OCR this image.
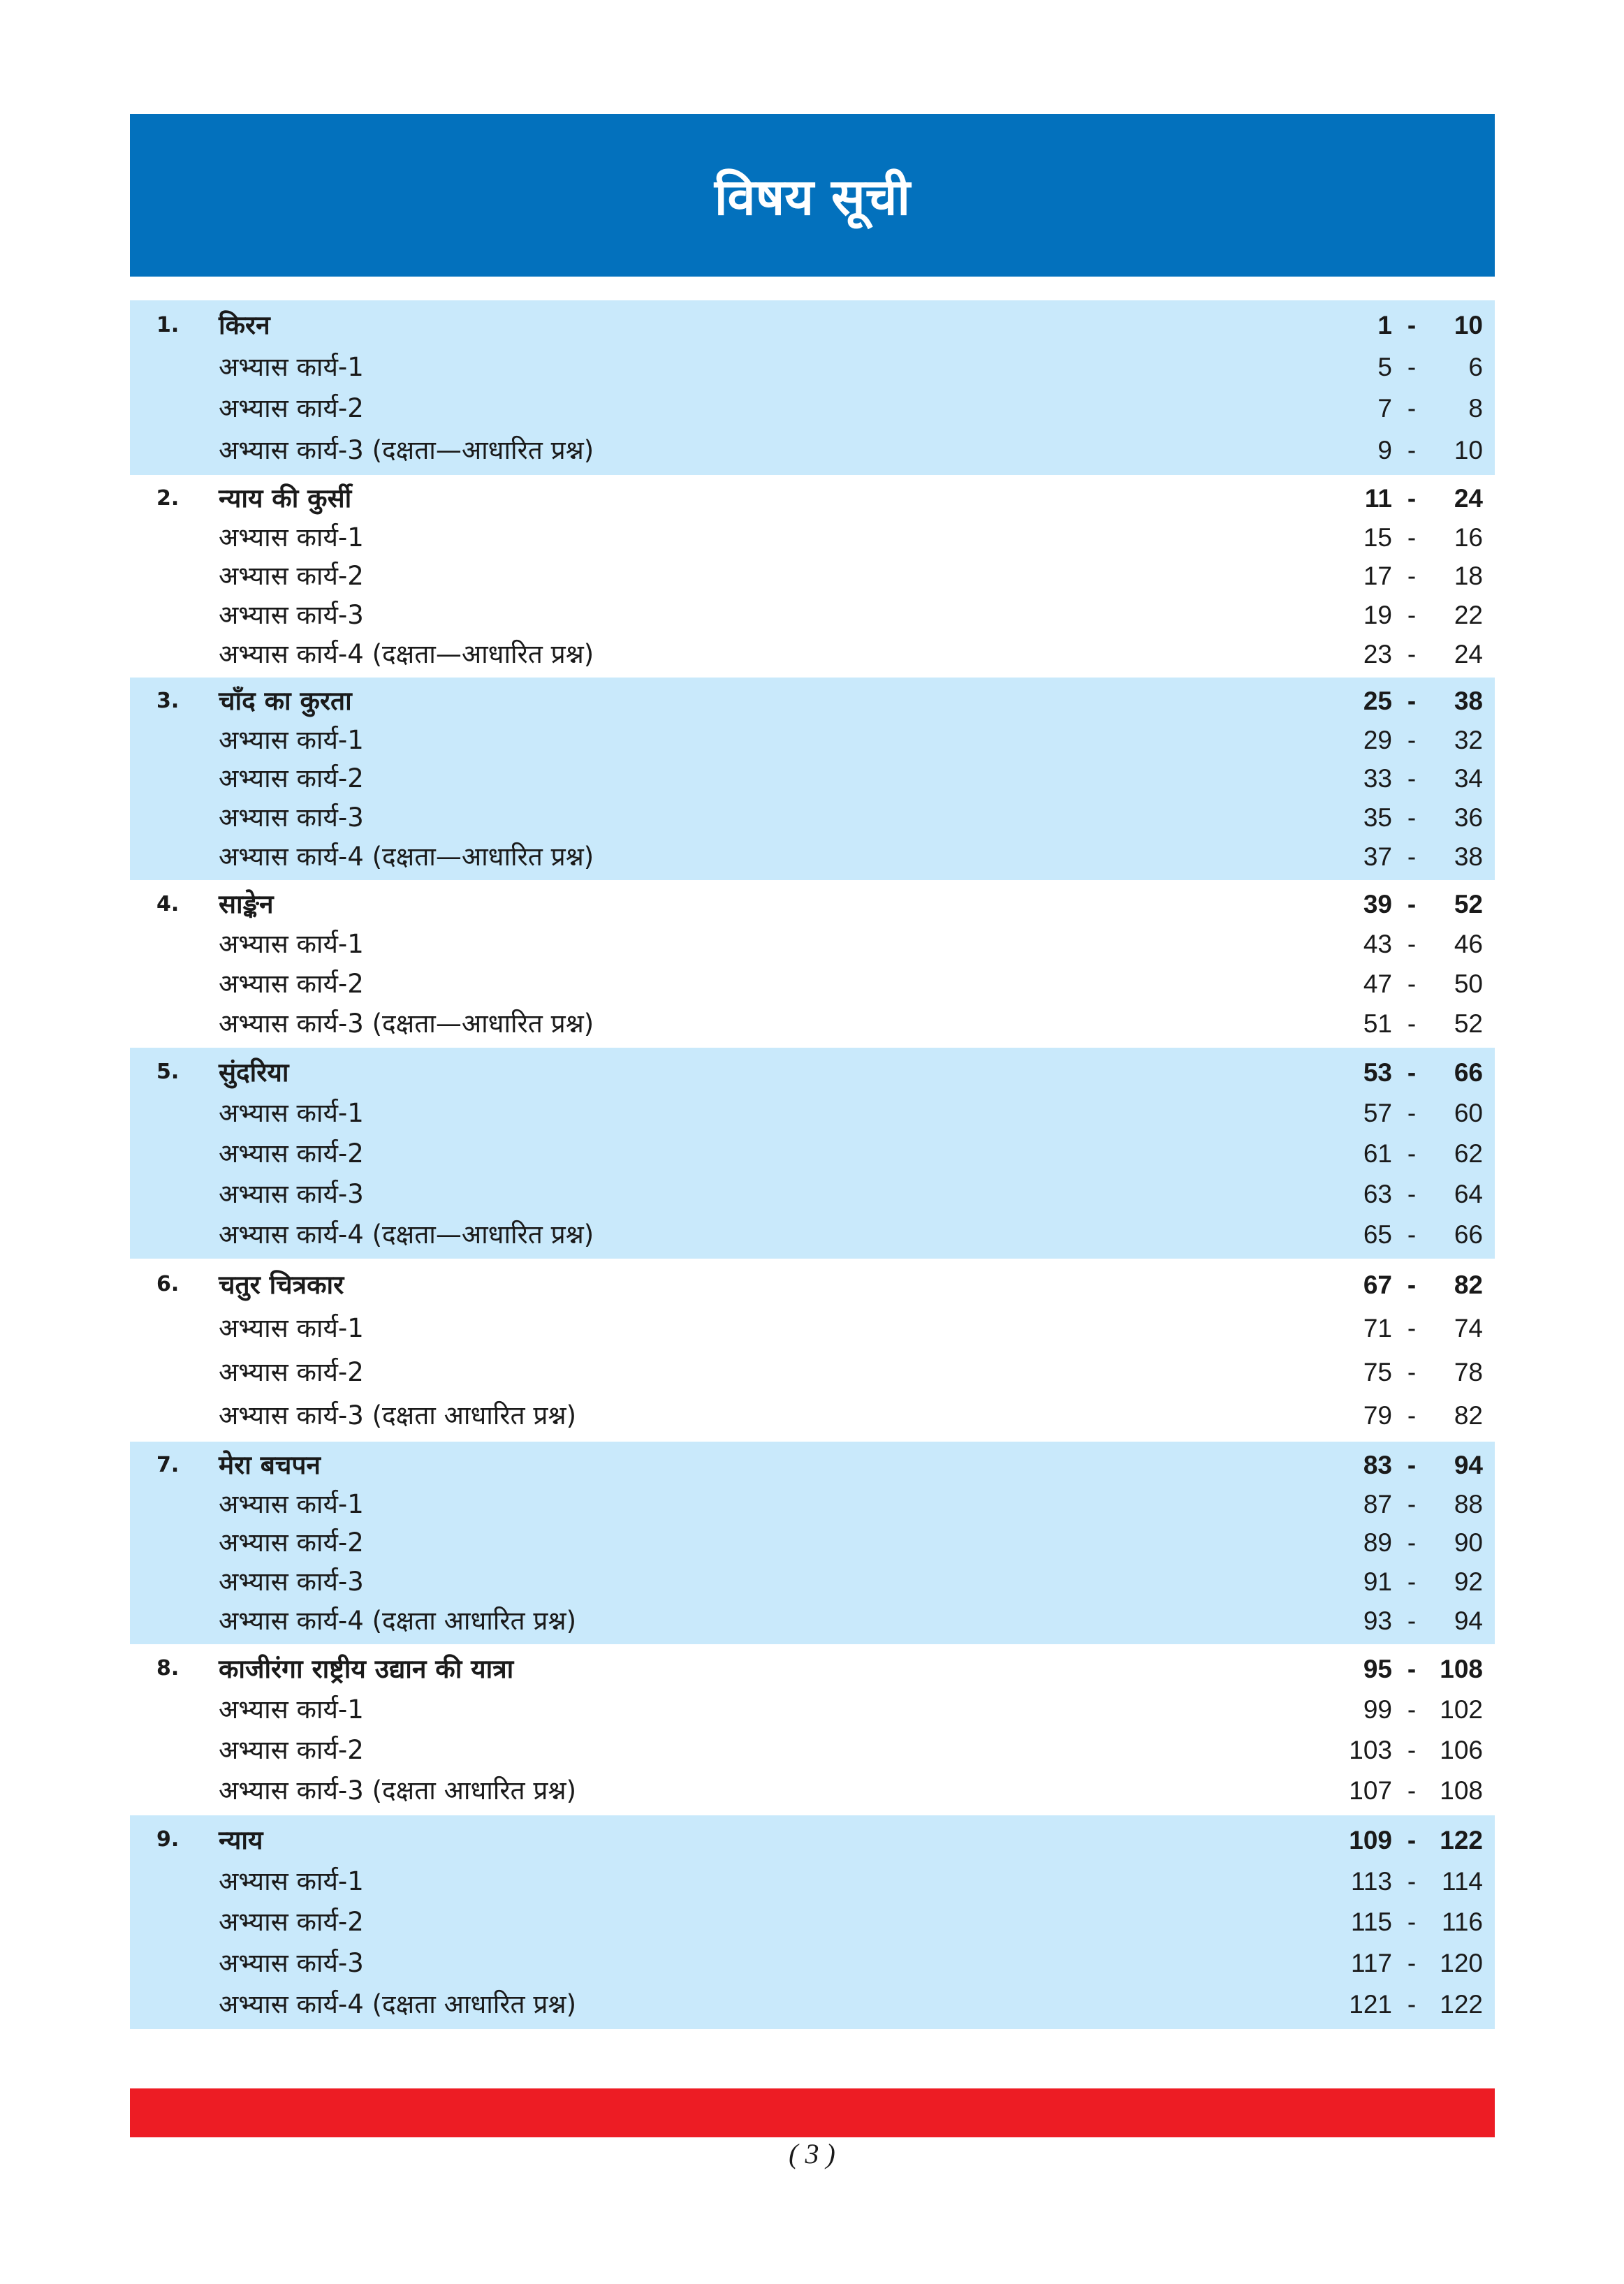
विषय सूची
1. किरन	1 -	10
अभ्यास कार्य-1	5 -	6
अभ्यास कार्य-2	7 -	8
अभ्यास कार्य-3 (दक्षता—आधारित प्रश्न)	9 -	10
2. न्याय की कुर्सी	11 -	24
अभ्यास कार्य-1	15 -	16
अभ्यास कार्य-2	17 -	18
अभ्यास कार्य-3	19 -	22
अभ्यास कार्य-4 (दक्षता—आधारित प्रश्न)	23 -	24
3. चाँद का कुरता	25 -	38
अभ्यास कार्य-1	29 -	32
अभ्यास कार्य-2	33 -	34
अभ्यास कार्य-3	35 -	36
अभ्यास कार्य-4 (दक्षता—आधारित प्रश्न)	37 -	38
4. साङ्केन	39 -	52
अभ्यास कार्य-1	43 -	46
अभ्यास कार्य-2	47 -	50
अभ्यास कार्य-3 (दक्षता—आधारित प्रश्न)	51 -	52
5. सुंदरिया	53 -	66
अभ्यास कार्य-1	57 -	60
अभ्यास कार्य-2	61 -	62
अभ्यास कार्य-3	63 -	64
अभ्यास कार्य-4 (दक्षता—आधारित प्रश्न)	65 -	66
6. चतुर चित्रकार	67 -	82
अभ्यास कार्य-1	71 -	74
अभ्यास कार्य-2	75 -	78
अभ्यास कार्य-3 (दक्षता आधारित प्रश्न)	79 -	82
7. मेरा बचपन	83 -	94
अभ्यास कार्य-1	87 -	88
अभ्यास कार्य-2	89 -	90
अभ्यास कार्य-3	91 -	92
अभ्यास कार्य-4 (दक्षता आधारित प्रश्न)	93 -	94
8. काजीरंगा राष्ट्रीय उद्यान की यात्रा	95 - 108
अभ्यास कार्य-1	99 - 102
अभ्यास कार्य-2	103 - 106
अभ्यास कार्य-3 (दक्षता आधारित प्रश्न)	107 - 108
9. न्याय	109 - 122
अभ्यास कार्य-1	113 - 114
अभ्यास कार्य-2	115 - 116
अभ्यास कार्य-3	117 - 120
अभ्यास कार्य-4 (दक्षता आधारित प्रश्न)	121 - 122
( 3 )
